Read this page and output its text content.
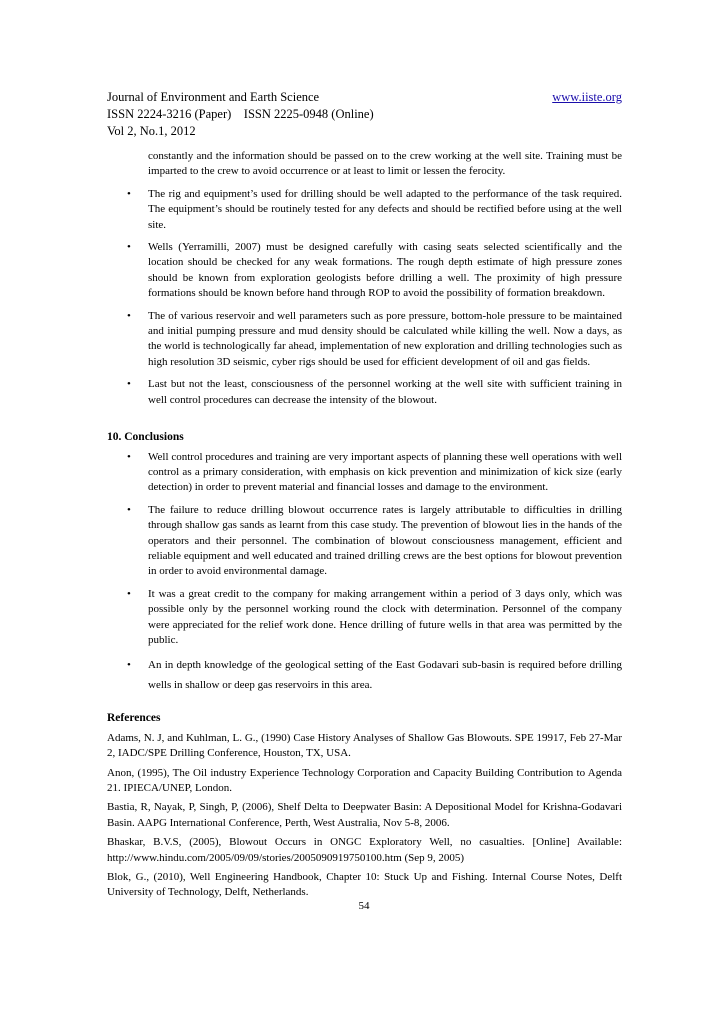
Journal of Environment and Earth Science	www.iiste.org
ISSN 2224-3216 (Paper)    ISSN 2225-0948 (Online)
Vol 2, No.1, 2012
constantly and the information should be passed on to the crew working at the well site. Training must be imparted to the crew to avoid occurrence or at least to limit or lessen the ferocity.
• The rig and equipment’s used for drilling should be well adapted to the performance of the task required. The equipment’s should be routinely tested for any defects and should be rectified before using at the well site.
• Wells (Yerramilli, 2007) must be designed carefully with casing seats selected scientifically and the location should be checked for any weak formations. The rough depth estimate of high pressure zones should be known from exploration geologists before drilling a well. The proximity of high pressure formations should be known before hand through ROP to avoid the possibility of formation breakdown.
• The of various reservoir and well parameters such as pore pressure, bottom-hole pressure to be maintained and initial pumping pressure and mud density should be calculated while killing the well. Now a days, as the world is technologically far ahead, implementation of new exploration and drilling technologies such as high resolution 3D seismic, cyber rigs should be used for efficient development of oil and gas fields.
• Last but not the least, consciousness of the personnel working at the well site with sufficient training in well control procedures can decrease the intensity of the blowout.
10. Conclusions
• Well control procedures and training are very important aspects of planning these well operations with well control as a primary consideration, with emphasis on kick prevention and minimization of kick size (early detection) in order to prevent material and financial losses and damage to the environment.
• The failure to reduce drilling blowout occurrence rates is largely attributable to difficulties in drilling through shallow gas sands as learnt from this case study. The prevention of blowout lies in the hands of the operators and their personnel. The combination of blowout consciousness management, efficient and reliable equipment and well educated and trained drilling crews are the best options for blowout prevention in order to avoid environmental damage.
• It was a great credit to the company for making arrangement within a period of 3 days only, which was possible only by the personnel working round the clock with determination. Personnel of the company were appreciated for the relief work done. Hence drilling of future wells in that area was permitted by the public.
• An in depth knowledge of the geological setting of the East Godavari sub-basin is required before drilling wells in shallow or deep gas reservoirs in this area.
References
Adams, N. J, and Kuhlman, L. G., (1990) Case History Analyses of Shallow Gas Blowouts. SPE 19917, Feb 27-Mar 2, IADC/SPE Drilling Conference, Houston, TX, USA.
Anon, (1995), The Oil industry Experience Technology Corporation and Capacity Building Contribution to Agenda 21. IPIECA/UNEP, London.
Bastia, R, Nayak, P, Singh, P, (2006), Shelf Delta to Deepwater Basin: A Depositional Model for Krishna-Godavari Basin. AAPG International Conference, Perth, West Australia, Nov 5-8, 2006.
Bhaskar, B.V.S, (2005), Blowout Occurs in ONGC Exploratory Well, no casualties. [Online] Available: http://www.hindu.com/2005/09/09/stories/2005090919750100.htm (Sep 9, 2005)
Blok, G., (2010), Well Engineering Handbook, Chapter 10: Stuck Up and Fishing. Internal Course Notes, Delft University of Technology, Delft, Netherlands.
54
